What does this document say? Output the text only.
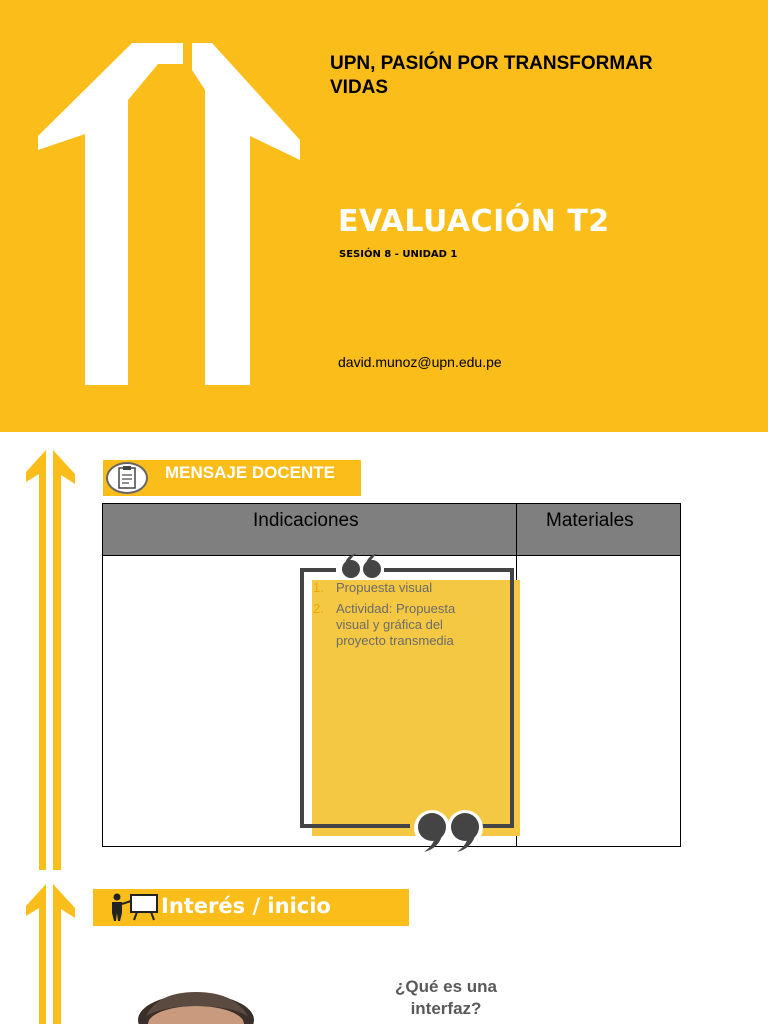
UPN, PASIÓN POR TRANSFORMAR VIDAS
EVALUACIÓN T2
SESIÓN 8 - UNIDAD 1
david.munoz@upn.edu.pe
MENSAJE DOCENTE
Indicaciones	Materiales
1. Propuesta visual
2. Actividad: Propuesta visual y gráfica del proyecto transmedia
Interés / inicio
¿Qué es una interfaz?
